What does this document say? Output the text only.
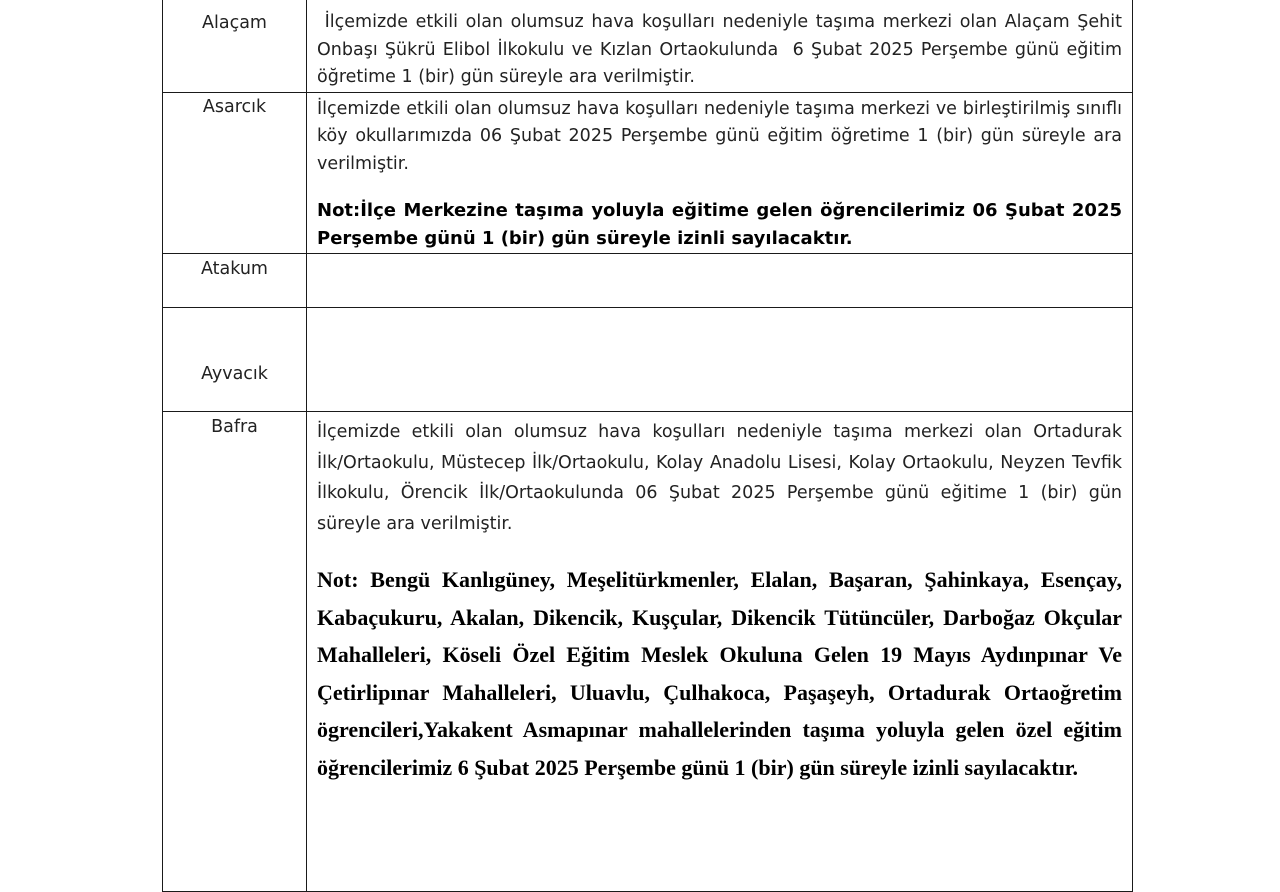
Alaçam	İlçemizde etkili olan olumsuz hava koşulları nedeniyle taşıma merkezi olan Alaçam Şehit Onbaşı Şükrü Elibol İlkokulu ve Kızlan Ortaokulunda  6 Şubat 2025 Perşembe günü eğitim öğretime 1 (bir) gün süreyle ara verilmiştir.

Asarcık	İlçemizde etkili olan olumsuz hava koşulları nedeniyle taşıma merkezi ve birleştirilmiş sınıflı köy okullarımızda 06 Şubat 2025 Perşembe günü eğitim öğretime 1 (bir) gün süreyle ara verilmiştir.

Not:İlçe Merkezine taşıma yoluyla eğitime gelen öğrencilerimiz 06 Şubat 2025 Perşembe günü 1 (bir) gün süreyle izinli sayılacaktır.

Atakum	

Ayvacık	

Bafra	İlçemizde etkili olan olumsuz hava koşulları nedeniyle taşıma merkezi olan Ortadurak İlk/Ortaokulu, Müstecep İlk/Ortaokulu, Kolay Anadolu Lisesi, Kolay Ortaokulu, Neyzen Tevfik İlkokulu, Örencik İlk/Ortaokulunda 06 Şubat 2025 Perşembe günü eğitime 1 (bir) gün süreyle ara verilmiştir.

Not: Bengü Kanlıgüney, Meşelitürkmenler, Elalan, Başaran, Şahinkaya, Esençay, Kabaçukuru, Akalan, Dikencik, Kuşçular, Dikencik Tütüncüler, Darboğaz Okçular Mahalleleri, Köseli Özel Eğitim Meslek Okuluna Gelen 19 Mayıs Aydınpınar Ve Çetirlipınar Mahalleleri, Uluavlu, Çulhakoca, Paşaşeyh, Ortadurak Ortaoğretim ögrencileri,Yakakent Asmapınar mahallelerinden taşıma yoluyla gelen özel eğitim öğrencilerimiz 6 Şubat 2025 Perşembe günü 1 (bir) gün süreyle izinli sayılacaktır.
